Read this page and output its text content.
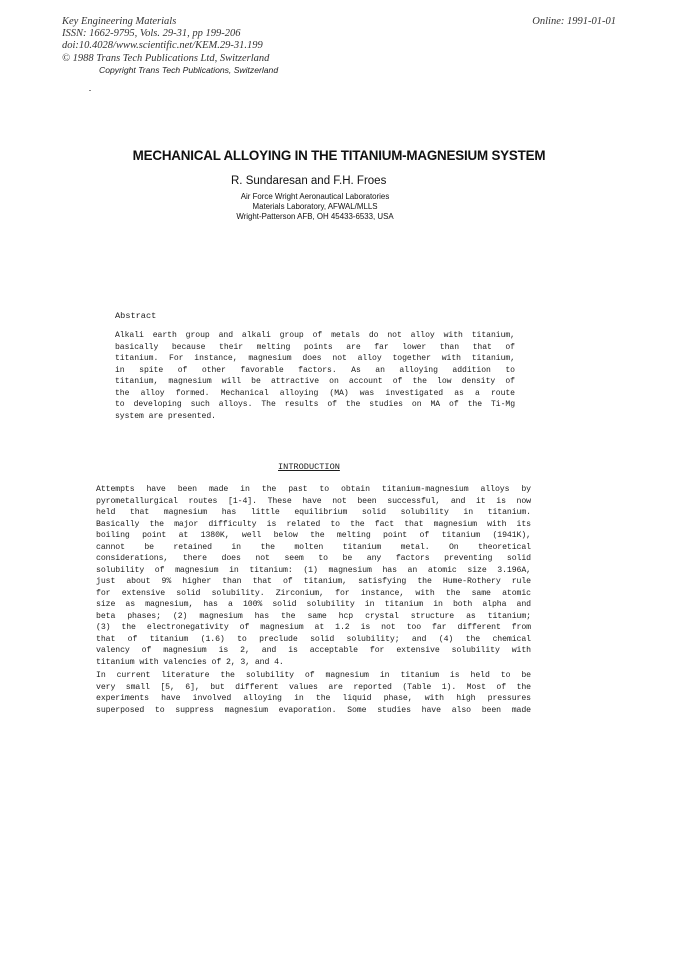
Key Engineering Materials
ISSN: 1662-9795, Vols. 29-31, pp 199-206
doi:10.4028/www.scientific.net/KEM.29-31.199
© 1988 Trans Tech Publications Ltd, Switzerland
Online: 1991-01-01
Copyright Trans Tech Publications, Switzerland
MECHANICAL ALLOYING IN THE TITANIUM-MAGNESIUM SYSTEM
R. Sundaresan and F.H. Froes
Air Force Wright Aeronautical Laboratories
Materials Laboratory, AFWAL/MLLS
Wright-Patterson AFB, OH 45433-6533, USA
Abstract
Alkali earth group and alkali group of metals do not alloy with titanium,
basically because their melting points are far lower than that of
titanium. For instance, magnesium does not alloy together with titanium,
in spite of other favorable factors. As an alloying addition to
titanium, magnesium will be attractive on account of the low density of
the alloy formed. Mechanical alloying (MA) was investigated as a route
to developing such alloys. The results of the studies on MA of the Ti-Mg
system are presented.
INTRODUCTION
Attempts have been made in the past to obtain titanium-magnesium alloys by
pyrometallurgical routes [1-4]. These have not been successful, and it is now
held that magnesium has little equilibrium solid solubility in titanium.
Basically the major difficulty is related to the fact that magnesium with its
boiling point at 1380K, well below the melting point of titanium (1941K),
cannot be retained in the molten titanium metal. On theoretical
considerations, there does not seem to be any factors preventing solid
solubility of magnesium in titanium: (1) magnesium has an atomic size 3.196A,
just about 9% higher than that of titanium, satisfying the Hume-Rothery rule
for extensive solid solubility. Zirconium, for instance, with the same atomic
size as magnesium, has a 100% solid solubility in titanium in both alpha and
beta phases; (2) magnesium has the same hcp crystal structure as titanium;
(3) the electronegativity of magnesium at 1.2 is not too far different from
that of titanium (1.6) to preclude solid solubility; and (4) the chemical
valency of magnesium is 2, and is acceptable for extensive solubility with
titanium with valencies of 2, 3, and 4.
In current literature the solubility of magnesium in titanium is held to be
very small [5, 6], but different values are reported (Table 1). Most of the
experiments have involved alloying in the liquid phase, with high pressures
superposed to suppress magnesium evaporation. Some studies have also been made
